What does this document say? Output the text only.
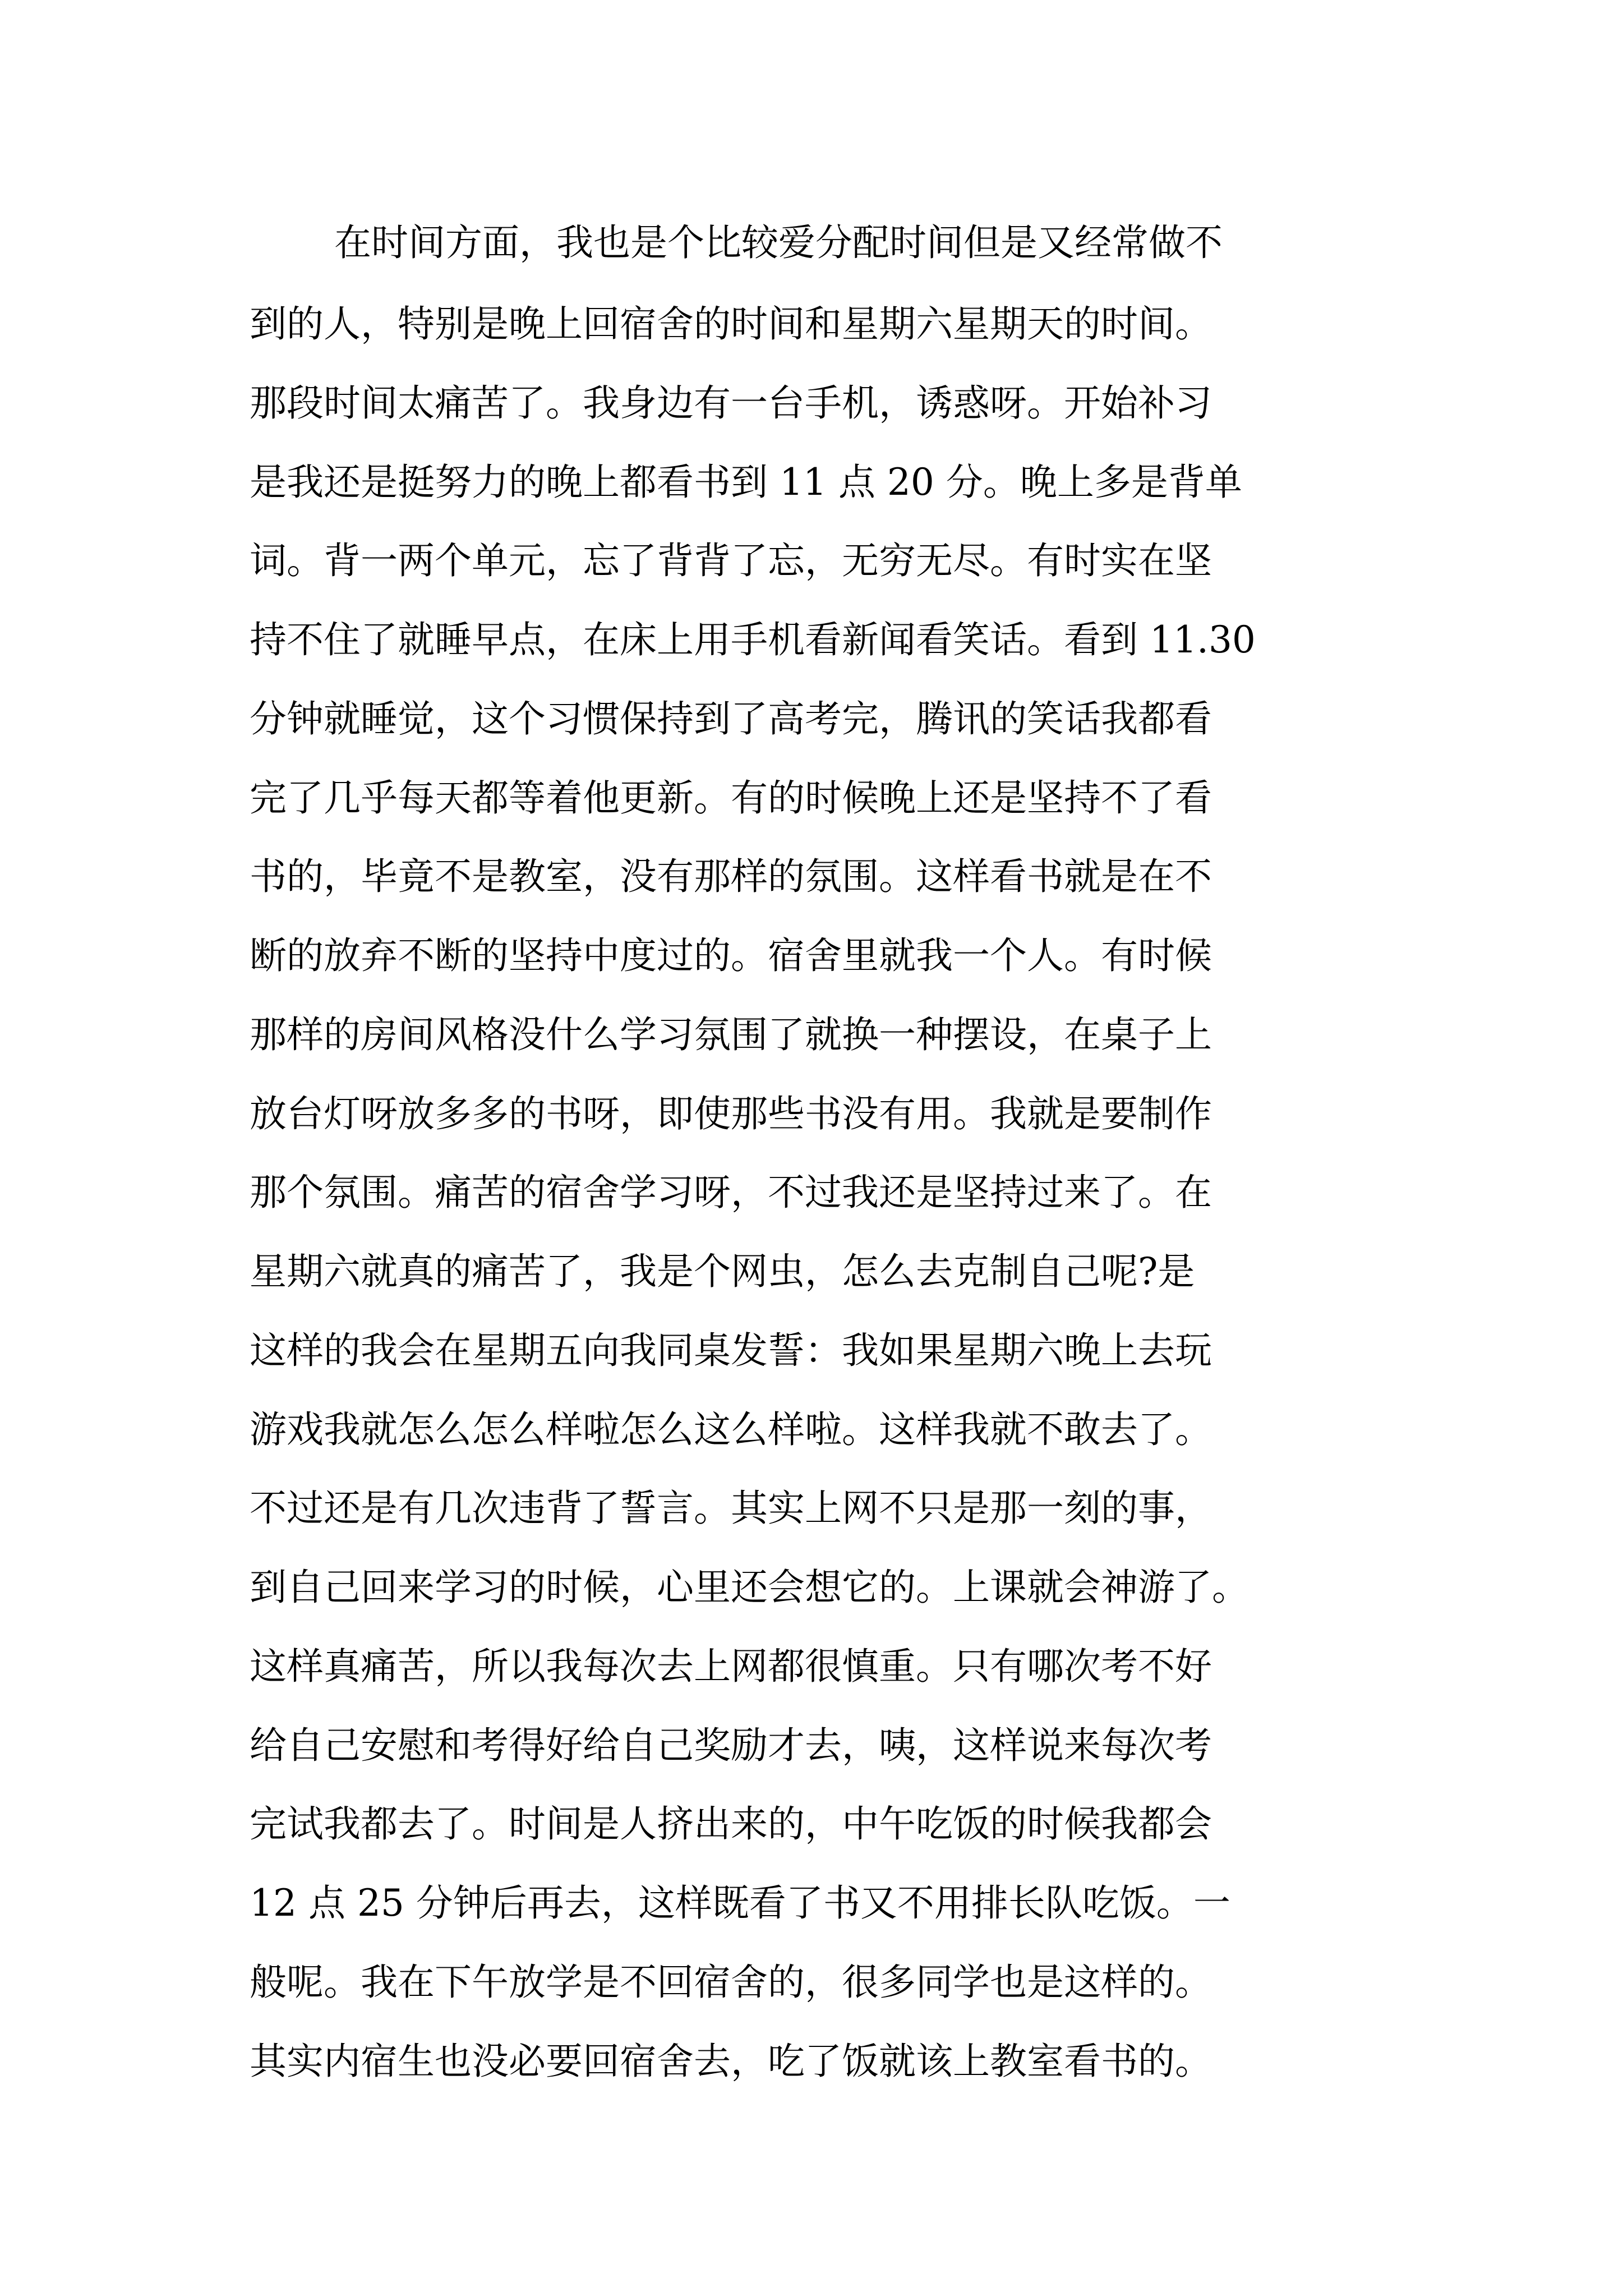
在时间方面，我也是个比较爱分配时间但是又经常做不
到的人，特别是晚上回宿舍的时间和星期六星期天的时间。
那段时间太痛苦了。我身边有一台手机，诱惑呀。开始补习
是我还是挺努力的晚上都看书到 11 点 20 分。晚上多是背单
词。背一两个单元，忘了背背了忘，无穷无尽。有时实在坚
持不住了就睡早点，在床上用手机看新闻看笑话。看到 11.30
分钟就睡觉，这个习惯保持到了高考完，腾讯的笑话我都看
完了几乎每天都等着他更新。有的时候晚上还是坚持不了看
书的，毕竟不是教室，没有那样的氛围。这样看书就是在不
断的放弃不断的坚持中度过的。宿舍里就我一个人。有时候
那样的房间风格没什么学习氛围了就换一种摆设，在桌子上
放台灯呀放多多的书呀，即使那些书没有用。我就是要制作
那个氛围。痛苦的宿舍学习呀，不过我还是坚持过来了。在
星期六就真的痛苦了，我是个网虫，怎么去克制自己呢?是
这样的我会在星期五向我同桌发誓：我如果星期六晚上去玩
游戏我就怎么怎么样啦怎么这么样啦。这样我就不敢去了。
不过还是有几次违背了誓言。其实上网不只是那一刻的事，
到自己回来学习的时候，心里还会想它的。上课就会神游了。
这样真痛苦，所以我每次去上网都很慎重。只有哪次考不好
给自己安慰和考得好给自己奖励才去，咦，这样说来每次考
完试我都去了。时间是人挤出来的，中午吃饭的时候我都会
12 点 25 分钟后再去，这样既看了书又不用排长队吃饭。一
般呢。我在下午放学是不回宿舍的，很多同学也是这样的。
其实内宿生也没必要回宿舍去，吃了饭就该上教室看书的。
